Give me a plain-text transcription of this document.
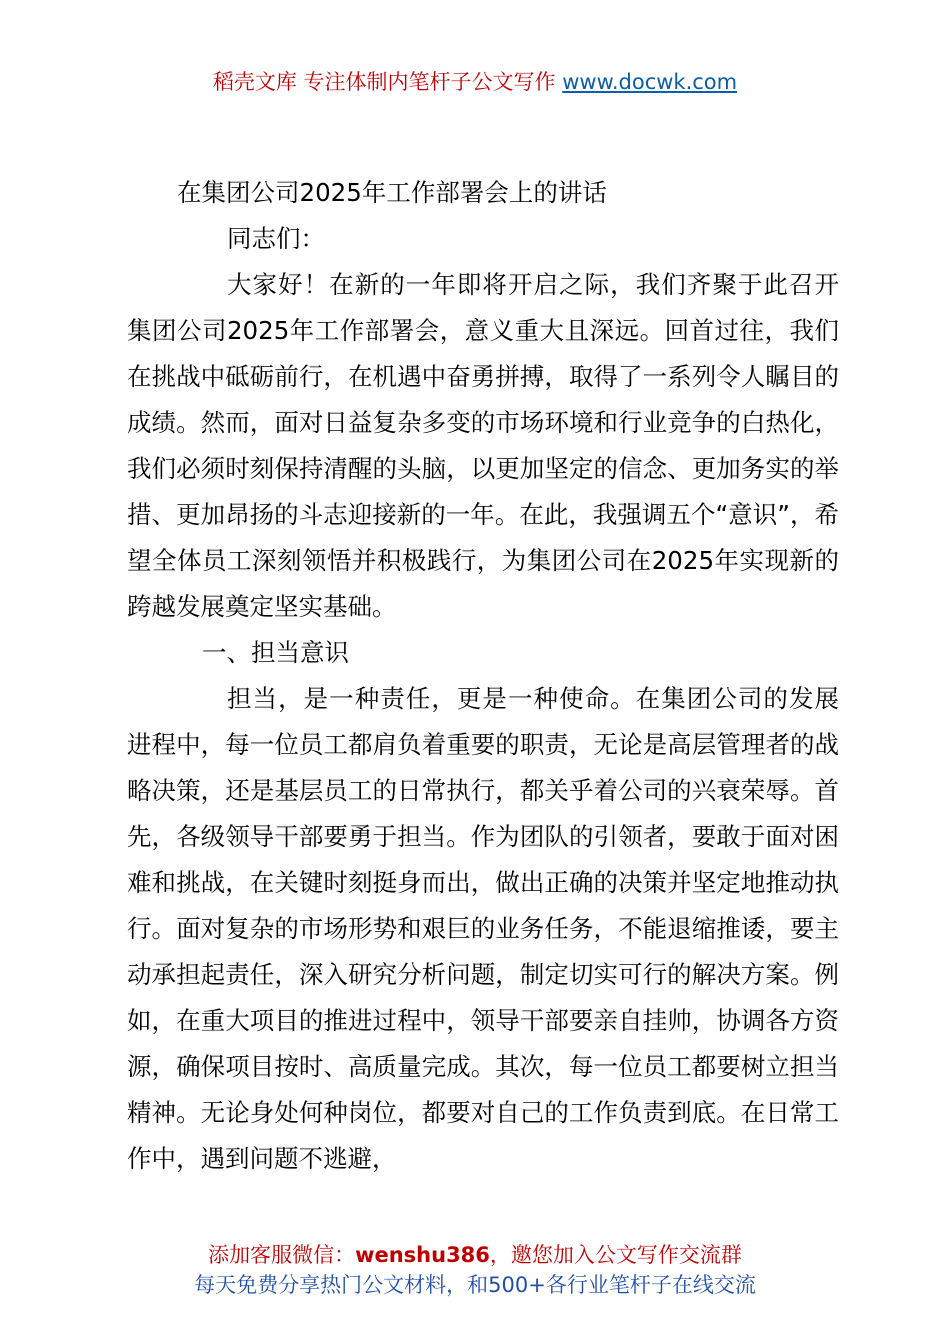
稻壳文库 专注体制内笔杆子公文写作 www.docwk.com

在集团公司2025年工作部署会上的讲话

同志们：

大家好！在新的一年即将开启之际，我们齐聚于此召开集团公司2025年工作部署会，意义重大且深远。回首过往，我们在挑战中砥砺前行，在机遇中奋勇拼搏，取得了一系列令人瞩目的成绩。然而，面对日益复杂多变的市场环境和行业竞争的白热化，我们必须时刻保持清醒的头脑，以更加坚定的信念、更加务实的举措、更加昂扬的斗志迎接新的一年。在此，我强调五个“意识”，希望全体员工深刻领悟并积极践行，为集团公司在2025年实现新的跨越发展奠定坚实基础。

一、担当意识

担当，是一种责任，更是一种使命。在集团公司的发展进程中，每一位员工都肩负着重要的职责，无论是高层管理者的战略决策，还是基层员工的日常执行，都关乎着公司的兴衰荣辱。首先，各级领导干部要勇于担当。作为团队的引领者，要敢于面对困难和挑战，在关键时刻挺身而出，做出正确的决策并坚定地推动执行。面对复杂的市场形势和艰巨的业务任务，不能退缩推诿，要主动承担起责任，深入研究分析问题，制定切实可行的解决方案。例如，在重大项目的推进过程中，领导干部要亲自挂帅，协调各方资源，确保项目按时、高质量完成。其次，每一位员工都要树立担当精神。无论身处何种岗位，都要对自己的工作负责到底。在日常工作中，遇到问题不逃避，

添加客服微信：wenshu386，邀您加入公文写作交流群
每天免费分享热门公文材料，和500+各行业笔杆子在线交流
